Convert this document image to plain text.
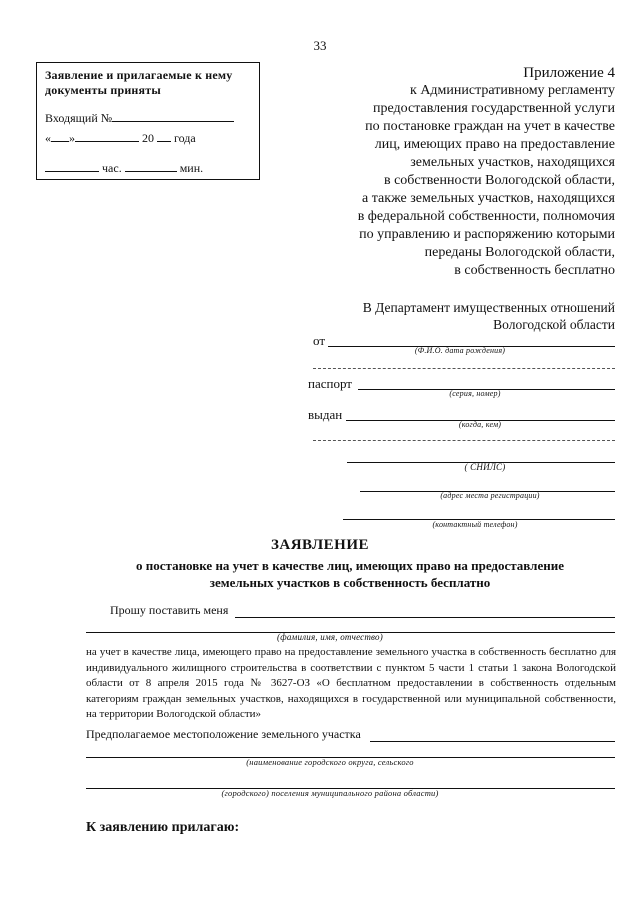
33
Заявление и прилагаемые к нему документы приняты
Входящий №
« »	20 года
час.	мин.
Приложение 4
к Административному регламенту
предоставления государственной услуги
по постановке граждан на учет в качестве
лиц, имеющих право на предоставление
земельных участков, находящихся
в собственности Вологодской области,
а также земельных участков, находящихся
в федеральной собственности, полномочия
по управлению и распоряжению которыми
переданы Вологодской области,
в собственность бесплатно
В Департамент имущественных отношений
Вологодской области
от
(Ф.И.О. дата рождения)
паспорт
(серия, номер)
выдан
(когда, кем)
( СНИЛС)
(адрес места регистрации)
(контактный телефон)
ЗАЯВЛЕНИЕ
о постановке на учет в качестве лиц, имеющих право на предоставление
земельных участков в собственность бесплатно
Прошу поставить меня
(фамилия, имя, отчество)
на учет в качестве лица, имеющего право на предоставление земельного участка в собственность бесплатно для индивидуального жилищного строительства в соответствии с пунктом 5 части 1 статьи 1 закона Вологодской области от 8 апреля 2015 года № 3627-ОЗ «О бесплатном предоставлении в собственность отдельным категориям граждан земельных участков, находящихся в государственной или муниципальной собственности, на территории Вологодской области»
Предполагаемое местоположение земельного участка
(наименование городского округа, сельского
(городского) поселения муниципального района области)
К заявлению прилагаю:
